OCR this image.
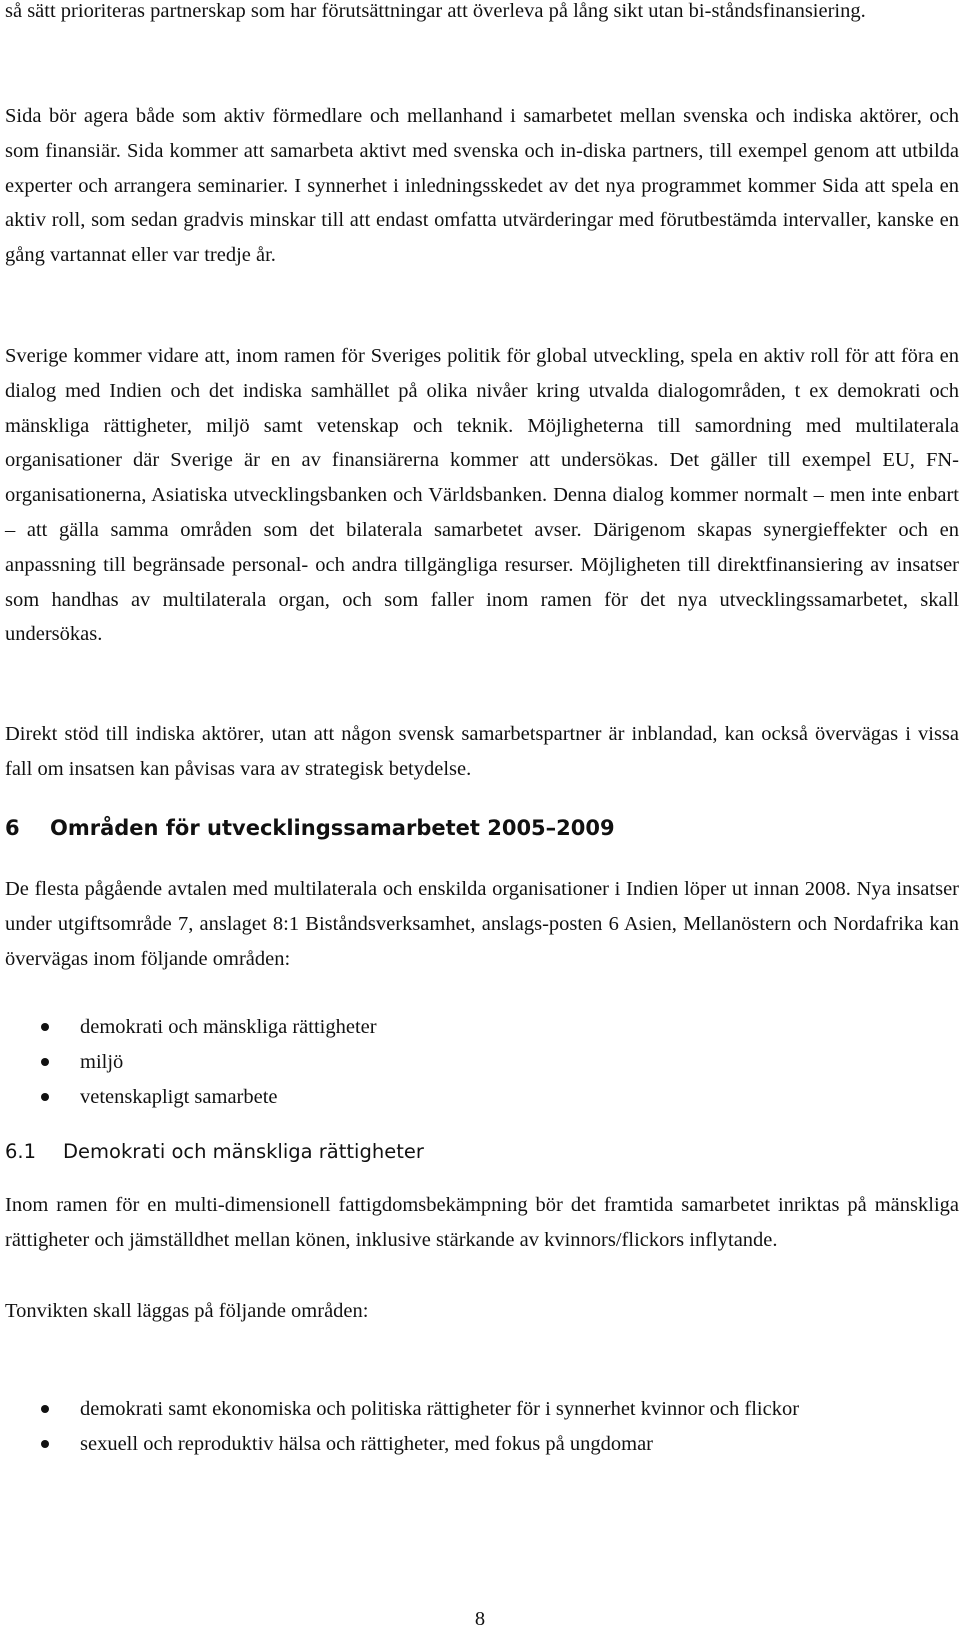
så sätt prioriteras partnerskap som har förutsättningar att överleva på lång sikt utan bi-ståndsfinansiering.

Sida bör agera både som aktiv förmedlare och mellanhand i samarbetet mellan svenska och indiska aktörer, och som finansiär. Sida kommer att samarbeta aktivt med svenska och in-diska partners, till exempel genom att utbilda experter och arrangera seminarier. I synnerhet i inledningsskedet av det nya programmet kommer Sida att spela en aktiv roll, som sedan gradvis minskar till att endast omfatta utvärderingar med förutbestämda intervaller, kanske en gång vartannat eller var tredje år.

Sverige kommer vidare att, inom ramen för Sveriges politik för global utveckling, spela en aktiv roll för att föra en dialog med Indien och det indiska samhället på olika nivåer kring utvalda dialogområden, t ex demokrati och mänskliga rättigheter, miljö samt vetenskap och teknik. Möjligheterna till samordning med multilaterala organisationer där Sverige är en av finansiärerna kommer att undersökas. Det gäller till exempel EU, FN-organisationerna, Asiatiska utvecklingsbanken och Världsbanken. Denna dialog kommer normalt – men inte enbart – att gälla samma områden som det bilaterala samarbetet avser. Därigenom skapas synergieffekter och en anpassning till begränsade personal- och andra tillgängliga resurser. Möjligheten till direktfinansiering av insatser som handhas av multilaterala organ, och som faller inom ramen för det nya utvecklingssamarbetet, skall undersökas.

Direkt stöd till indiska aktörer, utan att någon svensk samarbetspartner är inblandad, kan också övervägas i vissa fall om insatsen kan påvisas vara av strategisk betydelse.

6 Områden för utvecklingssamarbetet 2005–2009

De flesta pågående avtalen med multilaterala och enskilda organisationer i Indien löper ut innan 2008. Nya insatser under utgiftsområde 7, anslaget 8:1 Biståndsverksamhet, anslags-posten 6 Asien, Mellanöstern och Nordafrika kan övervägas inom följande områden:

demokrati och mänskliga rättigheter
miljö
vetenskapligt samarbete
6.1 Demokrati och mänskliga rättigheter

Inom ramen för en multi-dimensionell fattigdomsbekämpning bör det framtida samarbetet inriktas på mänskliga rättigheter och jämställdhet mellan könen, inklusive stärkande av kvinnors/flickors inflytande.

Tonvikten skall läggas på följande områden:

demokrati samt ekonomiska och politiska rättigheter för i synnerhet kvinnor och flickor
sexuell och reproduktiv hälsa och rättigheter, med fokus på ungdomar
8
